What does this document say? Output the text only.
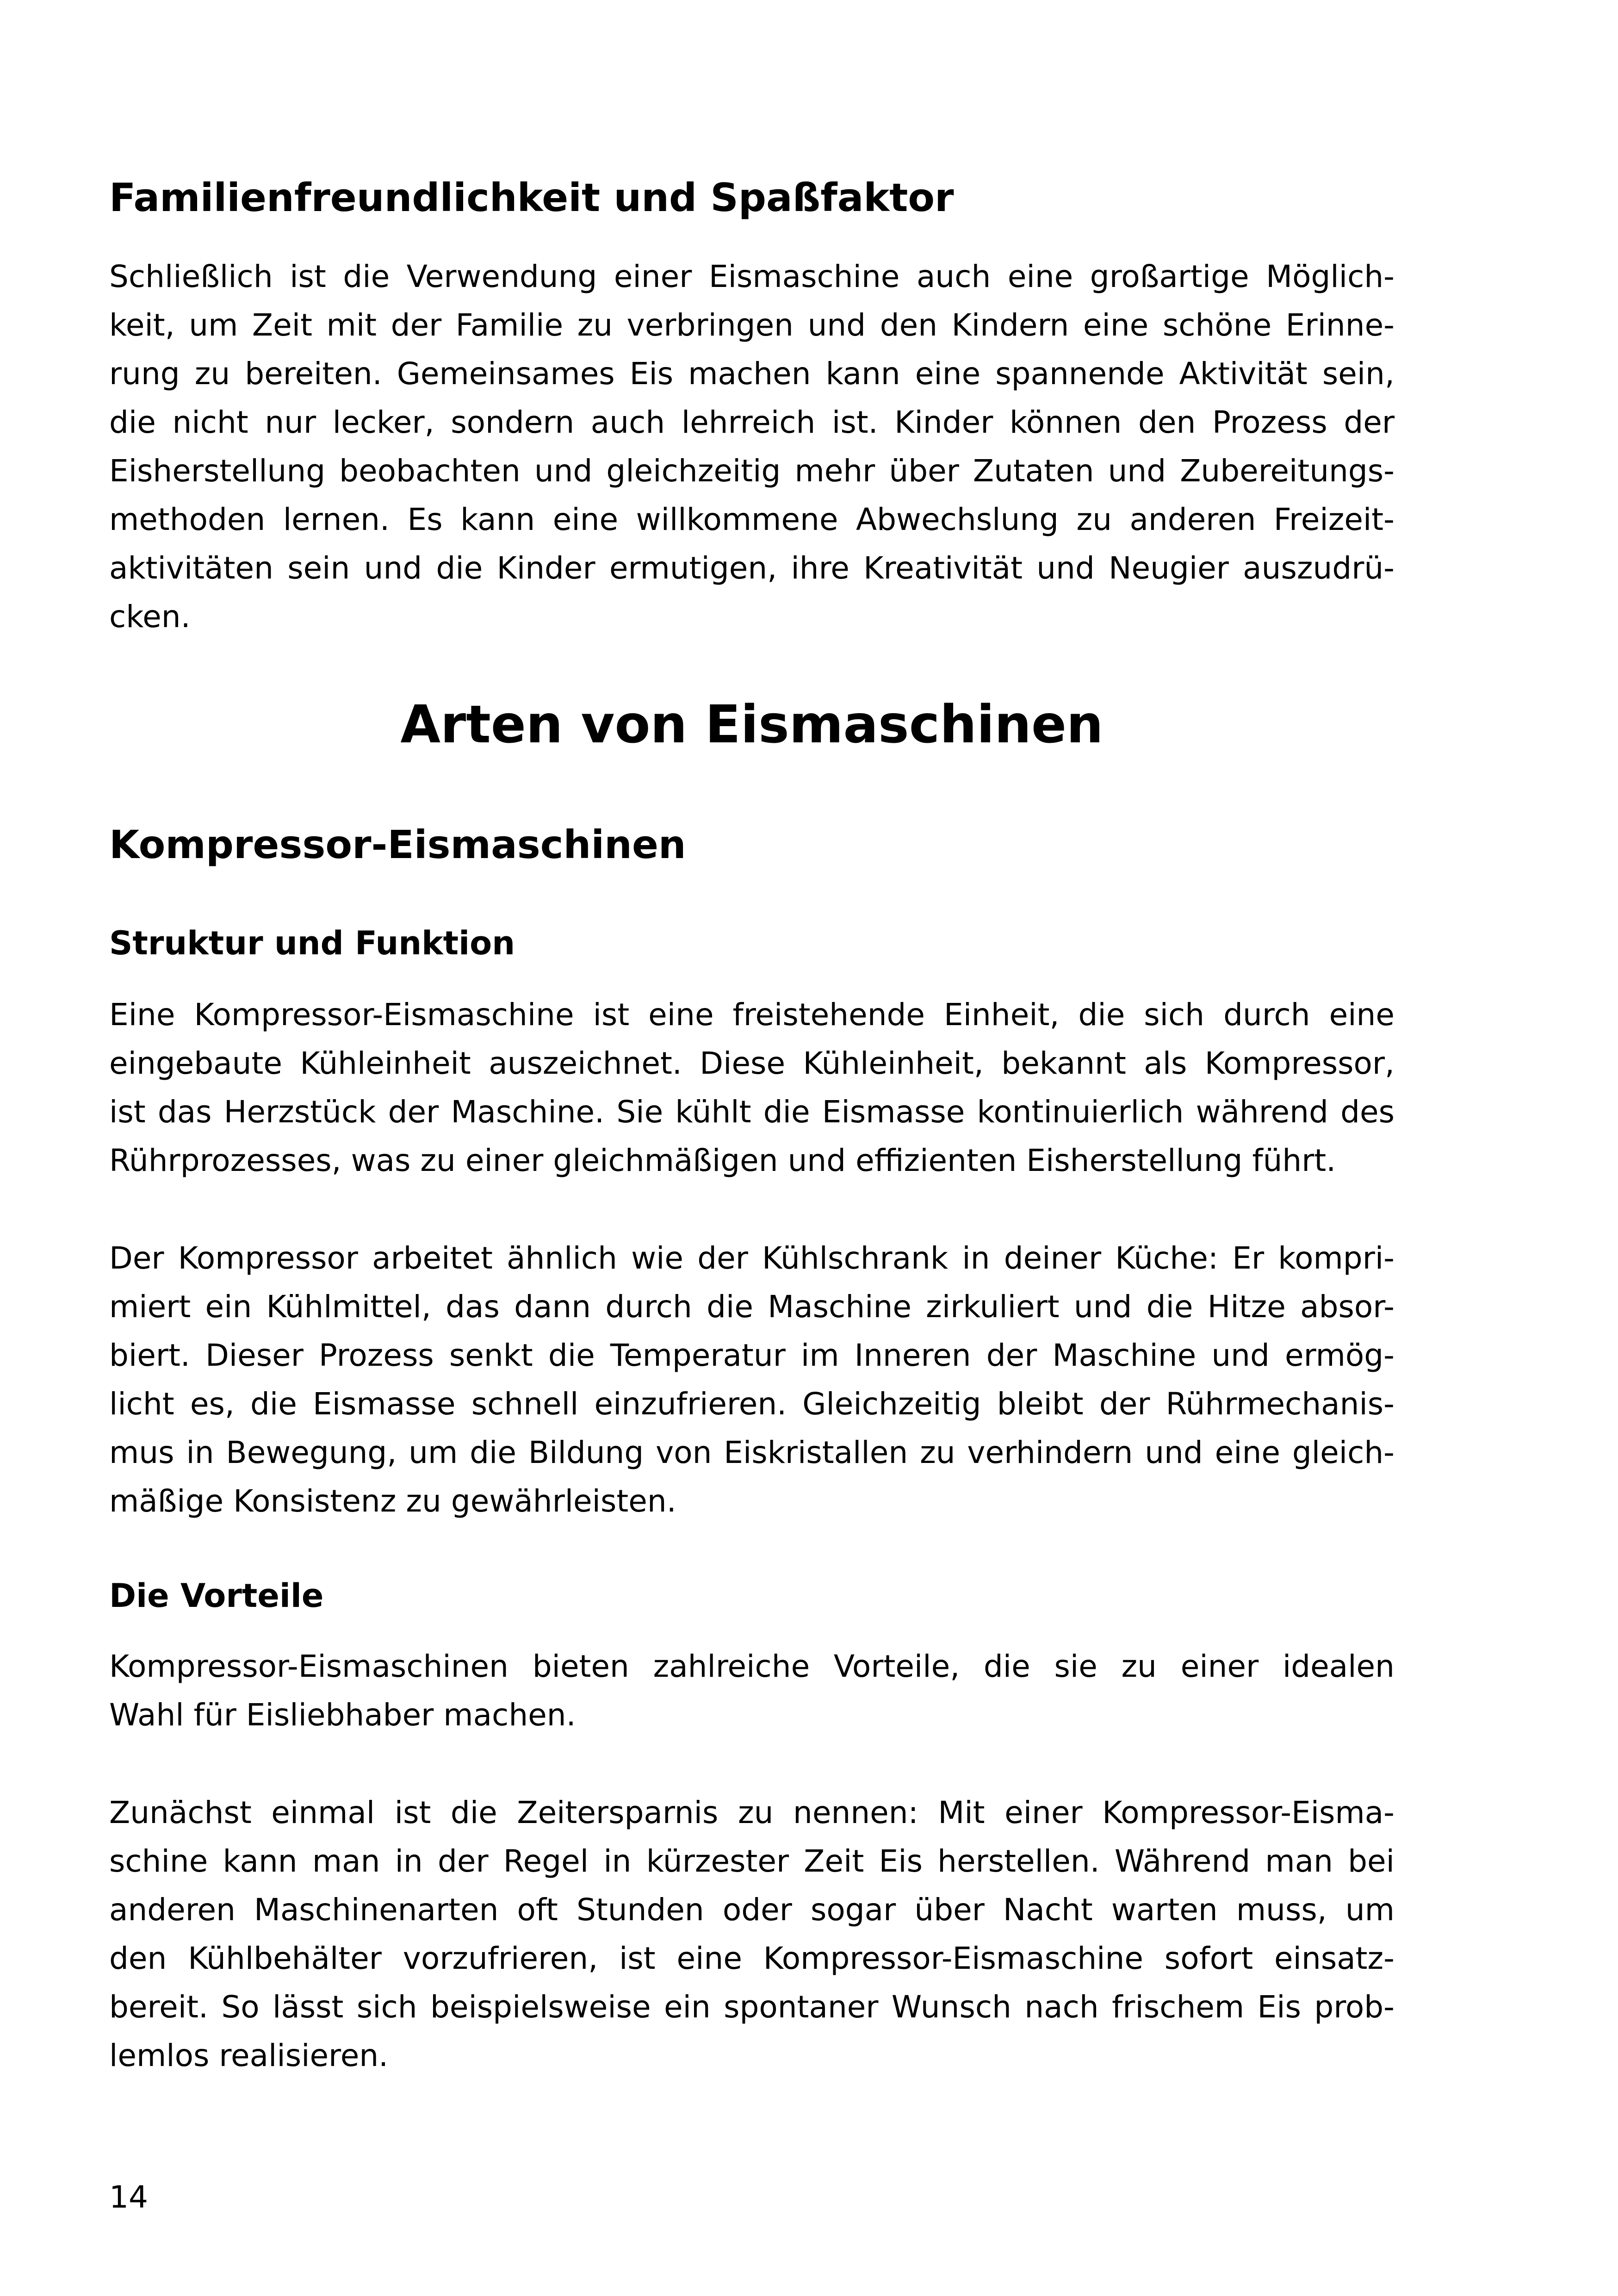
Familienfreundlichkeit und Spaßfaktor

Schließlich ist die Verwendung einer Eismaschine auch eine großartige Möglich-
keit, um Zeit mit der Familie zu verbringen und den Kindern eine schöne Erinne-
rung zu bereiten. Gemeinsames Eis machen kann eine spannende Aktivität sein,
die nicht nur lecker, sondern auch lehrreich ist. Kinder können den Prozess der
Eisherstellung beobachten und gleichzeitig mehr über Zutaten und Zubereitungs-
methoden lernen. Es kann eine willkommene Abwechslung zu anderen Freizeit-
aktivitäten sein und die Kinder ermutigen, ihre Kreativität und Neugier auszudrü-
cken.

Arten von Eismaschinen
Kompressor-Eismaschinen
Struktur und Funktion

Eine Kompressor-Eismaschine ist eine freistehende Einheit, die sich durch eine
eingebaute Kühleinheit auszeichnet. Diese Kühleinheit, bekannt als Kompressor,
ist das Herzstück der Maschine. Sie kühlt die Eismasse kontinuierlich während des
Rührprozesses, was zu einer gleichmäßigen und effizienten Eisherstellung führt.

Der Kompressor arbeitet ähnlich wie der Kühlschrank in deiner Küche: Er kompri-
miert ein Kühlmittel, das dann durch die Maschine zirkuliert und die Hitze absor-
biert. Dieser Prozess senkt die Temperatur im Inneren der Maschine und ermög-
licht es, die Eismasse schnell einzufrieren. Gleichzeitig bleibt der Rührmechanis-
mus in Bewegung, um die Bildung von Eiskristallen zu verhindern und eine gleich-
mäßige Konsistenz zu gewährleisten.

Die Vorteile

Kompressor-Eismaschinen bieten zahlreiche Vorteile, die sie zu einer idealen
Wahl für Eisliebhaber machen.

Zunächst einmal ist die Zeitersparnis zu nennen: Mit einer Kompressor-Eisma-
schine kann man in der Regel in kürzester Zeit Eis herstellen. Während man bei
anderen Maschinenarten oft Stunden oder sogar über Nacht warten muss, um
den Kühlbehälter vorzufrieren, ist eine Kompressor-Eismaschine sofort einsatz-
bereit. So lässt sich beispielsweise ein spontaner Wunsch nach frischem Eis prob-
lemlos realisieren.

14
